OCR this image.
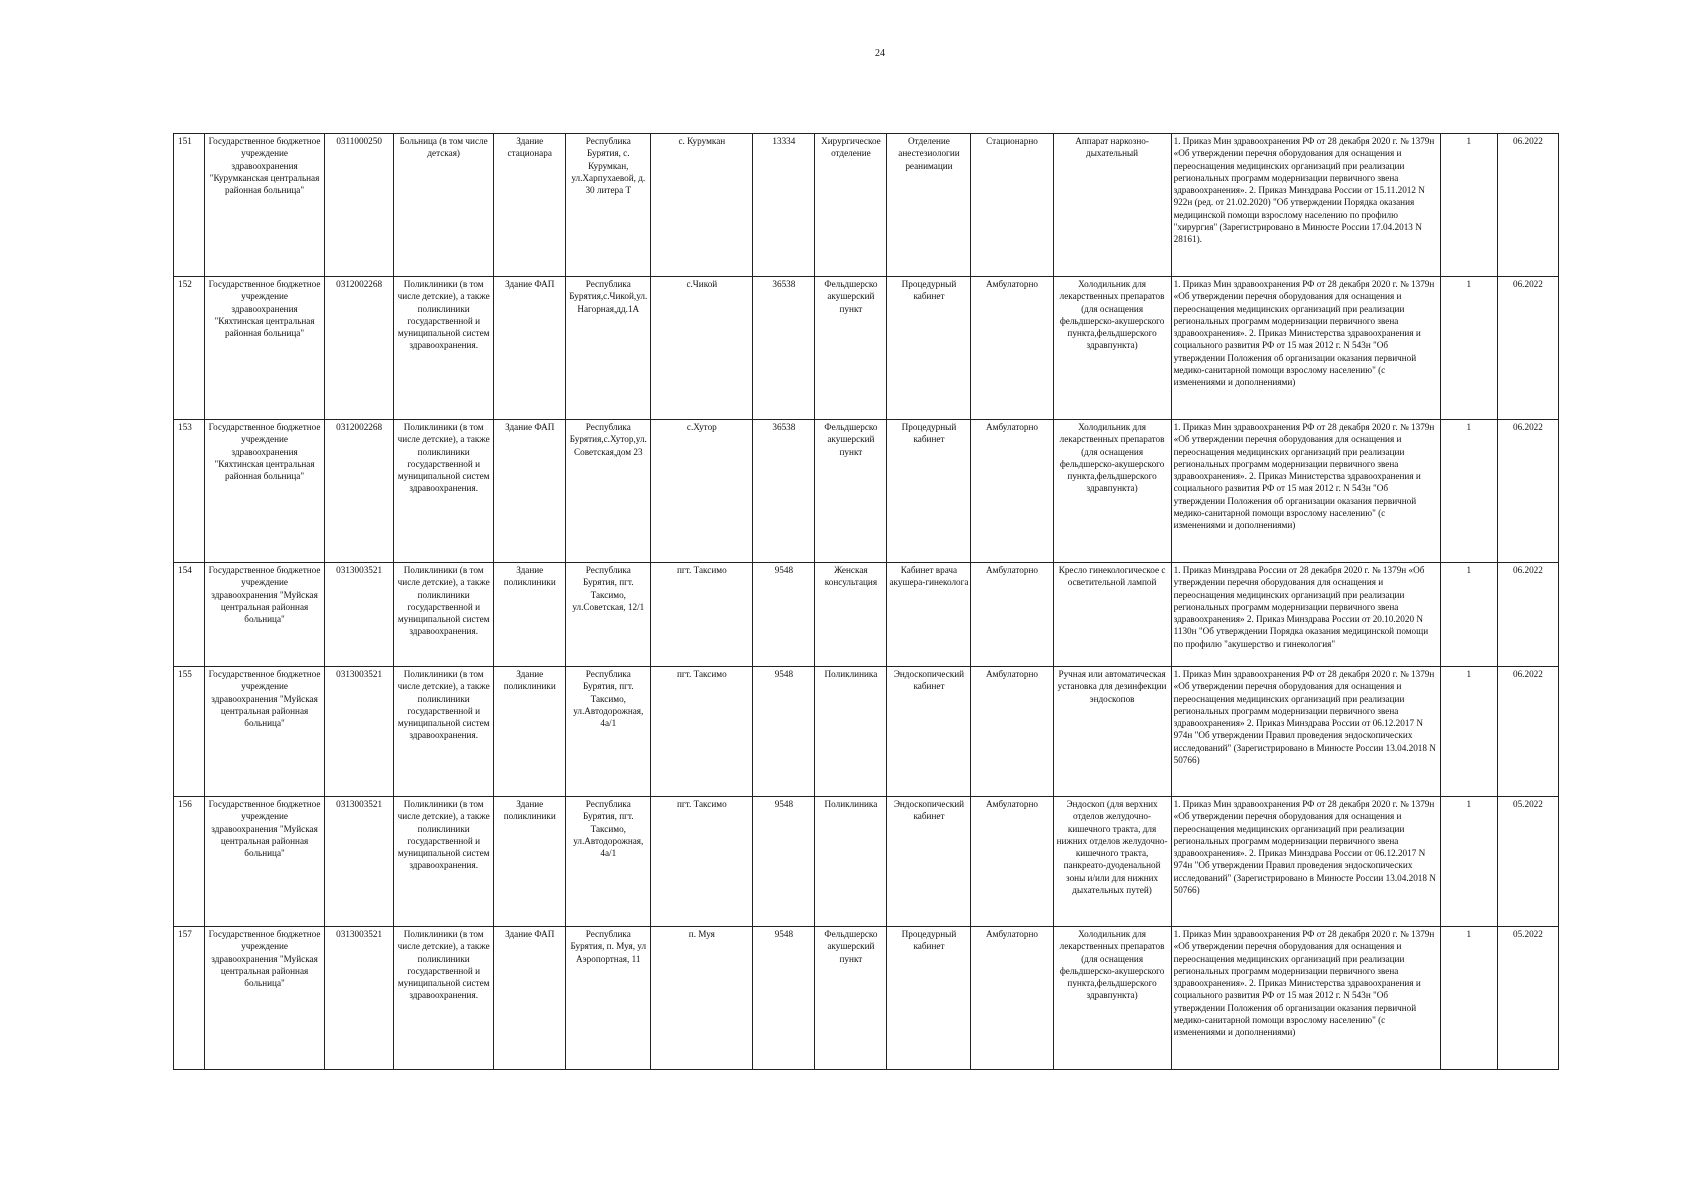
24
151	Государственное бюджетное учреждение здравоохранения "Курумканская центральная районная больница"	0311000250	Больница (в том числе детская)	Здание стационара	Республика Бурятия, с. Курумкан, ул.Харпухаевой, д. 30 литера Т	с. Курумкан	13334	Хирургическое отделение	Отделение анестезиологии реанимации	Стационарно	Аппарат наркозно-дыхательный	1. Приказ Мин здравоохранения РФ от 28 декабря 2020 г. № 1379н «Об утверждении перечня оборудования для оснащения и переоснащения медицинских организаций при реализации региональных программ модернизации первичного звена здравоохранения». 2. Приказ Минздрава России от 15.11.2012 N 922н (ред. от 21.02.2020) "Об утверждении Порядка оказания медицинской помощи взрослому населению по профилю "хирургия" (Зарегистрировано в Минюсте России 17.04.2013 N 28161).	1	06.2022
152	Государственное бюджетное учреждение здравоохранения "Кяхтинская центральная районная больница"	0312002268	Поликлиники (в том числе детские), а также поликлиники государственной и муниципальной систем здравоохранения.	Здание ФАП	Республика Бурятия,с.Чикой,ул.Нагорная,дд.1А	с.Чикой	36538	Фельдшерско акушерский пункт	Процедурный кабинет	Амбулаторно	Холодильник для лекарственных препаратов (для оснащения фельдшерско-акушерского пункта,фельдшерского здравпункта)	1. Приказ Мин здравоохранения РФ от 28 декабря 2020 г. № 1379н «Об утверждении перечня оборудования для оснащения и переоснащения медицинских организаций при реализации региональных программ модернизации первичного звена здравоохранения». 2. Приказ Министерства здравоохранения и социального развития РФ от 15 мая 2012 г. N 543н "Об утверждении Положения об организации оказания первичной медико-санитарной помощи взрослому населению" (с изменениями и дополнениями)	1	06.2022
153	Государственное бюджетное учреждение здравоохранения "Кяхтинская центральная районная больница"	0312002268	Поликлиники (в том числе детские), а также поликлиники государственной и муниципальной систем здравоохранения.	Здание ФАП	Республика Бурятия,с.Хутор,ул.Советская,дом 23	с.Хутор	36538	Фельдшерско акушерский пункт	Процедурный кабинет	Амбулаторно	Холодильник для лекарственных препаратов (для оснащения фельдшерско-акушерского пункта,фельдшерского здравпункта)	1. Приказ Мин здравоохранения РФ от 28 декабря 2020 г. № 1379н «Об утверждении перечня оборудования для оснащения и переоснащения медицинских организаций при реализации региональных программ модернизации первичного звена здравоохранения». 2. Приказ Министерства здравоохранения и социального развития РФ от 15 мая 2012 г. N 543н "Об утверждении Положения об организации оказания первичной медико-санитарной помощи взрослому населению" (с изменениями и дополнениями)	1	06.2022
154	Государственное бюджетное учреждение здравоохранения "Муйская центральная районная больница"	0313003521	Поликлиники (в том числе детские), а также поликлиники государственной и муниципальной систем здравоохранения.	Здание поликлиники	Республика Бурятия, пгт. Таксимо, ул.Советская, 12/1	пгт. Таксимо	9548	Женская консультация	Кабинет врача акушера-гинеколога	Амбулаторно	Кресло гинекологическое с осветительной лампой	1. Приказ Минздрава России от 28 декабря 2020 г. № 1379н «Об утверждении перечня оборудования для оснащения и переоснащения медицинских организаций при реализации региональных программ модернизации первичного звена здравоохранения» 2. Приказ Минздрава России от 20.10.2020 N 1130н "Об утверждении Порядка оказания медицинской помощи по профилю "акушерство и гинекология"	1	06.2022
155	Государственное бюджетное учреждение здравоохранения "Муйская центральная районная больница"	0313003521	Поликлиники (в том числе детские), а также поликлиники государственной и муниципальной систем здравоохранения.	Здание поликлиники	Республика Бурятия, пгт. Таксимо, ул.Автодорожная, 4а/1	пгт. Таксимо	9548	Поликлиника	Эндоскопический кабинет	Амбулаторно	Ручная или автоматическая установка для дезинфекции эндоскопов	1. Приказ Мин здравоохранения РФ от 28 декабря 2020 г. № 1379н «Об утверждении перечня оборудования для оснащения и переоснащения медицинских организаций при реализации региональных программ модернизации первичного звена здравоохранения» 2. Приказ Минздрава России от 06.12.2017 N 974н "Об утверждении Правил проведения эндоскопических исследований" (Зарегистрировано в Минюсте России 13.04.2018 N 50766)	1	06.2022
156	Государственное бюджетное учреждение здравоохранения "Муйская центральная районная больница"	0313003521	Поликлиники (в том числе детские), а также поликлиники государственной и муниципальной систем здравоохранения.	Здание поликлиники	Республика Бурятия, пгт. Таксимо, ул.Автодорожная, 4а/1	пгт. Таксимо	9548	Поликлиника	Эндоскопический кабинет	Амбулаторно	Эндоскоп (для верхних отделов желудочно-кишечного тракта, для нижних отделов желудочно-кишечного тракта, панкреато-дуоденальной зоны и/или для нижних дыхательных путей)	1. Приказ Мин здравоохранения РФ от 28 декабря 2020 г. № 1379н «Об утверждении перечня оборудования для оснащения и переоснащения медицинских организаций при реализации региональных программ модернизации первичного звена здравоохранения». 2. Приказ Минздрава России от 06.12.2017 N 974н "Об утверждении Правил проведения эндоскопических исследований" (Зарегистрировано в Минюсте России 13.04.2018 N 50766)	1	05.2022
157	Государственное бюджетное учреждение здравоохранения "Муйская центральная районная больница"	0313003521	Поликлиники (в том числе детские), а также поликлиники государственной и муниципальной систем здравоохранения.	Здание ФАП	Республика Бурятия, п. Муя, ул Аэропортная, 11	п. Муя	9548	Фельдшерско акушерский пункт	Процедурный кабинет	Амбулаторно	Холодильник для лекарственных препаратов (для оснащения фельдшерско-акушерского пункта,фельдшерского здравпункта)	1. Приказ Мин здравоохранения РФ от 28 декабря 2020 г. № 1379н «Об утверждении перечня оборудования для оснащения и переоснащения медицинских организаций при реализации региональных программ модернизации первичного звена здравоохранения». 2. Приказ Министерства здравоохранения и социального развития РФ от 15 мая 2012 г. N 543н "Об утверждении Положения об организации оказания первичной медико-санитарной помощи взрослому населению" (с изменениями и дополнениями)	1	05.2022
